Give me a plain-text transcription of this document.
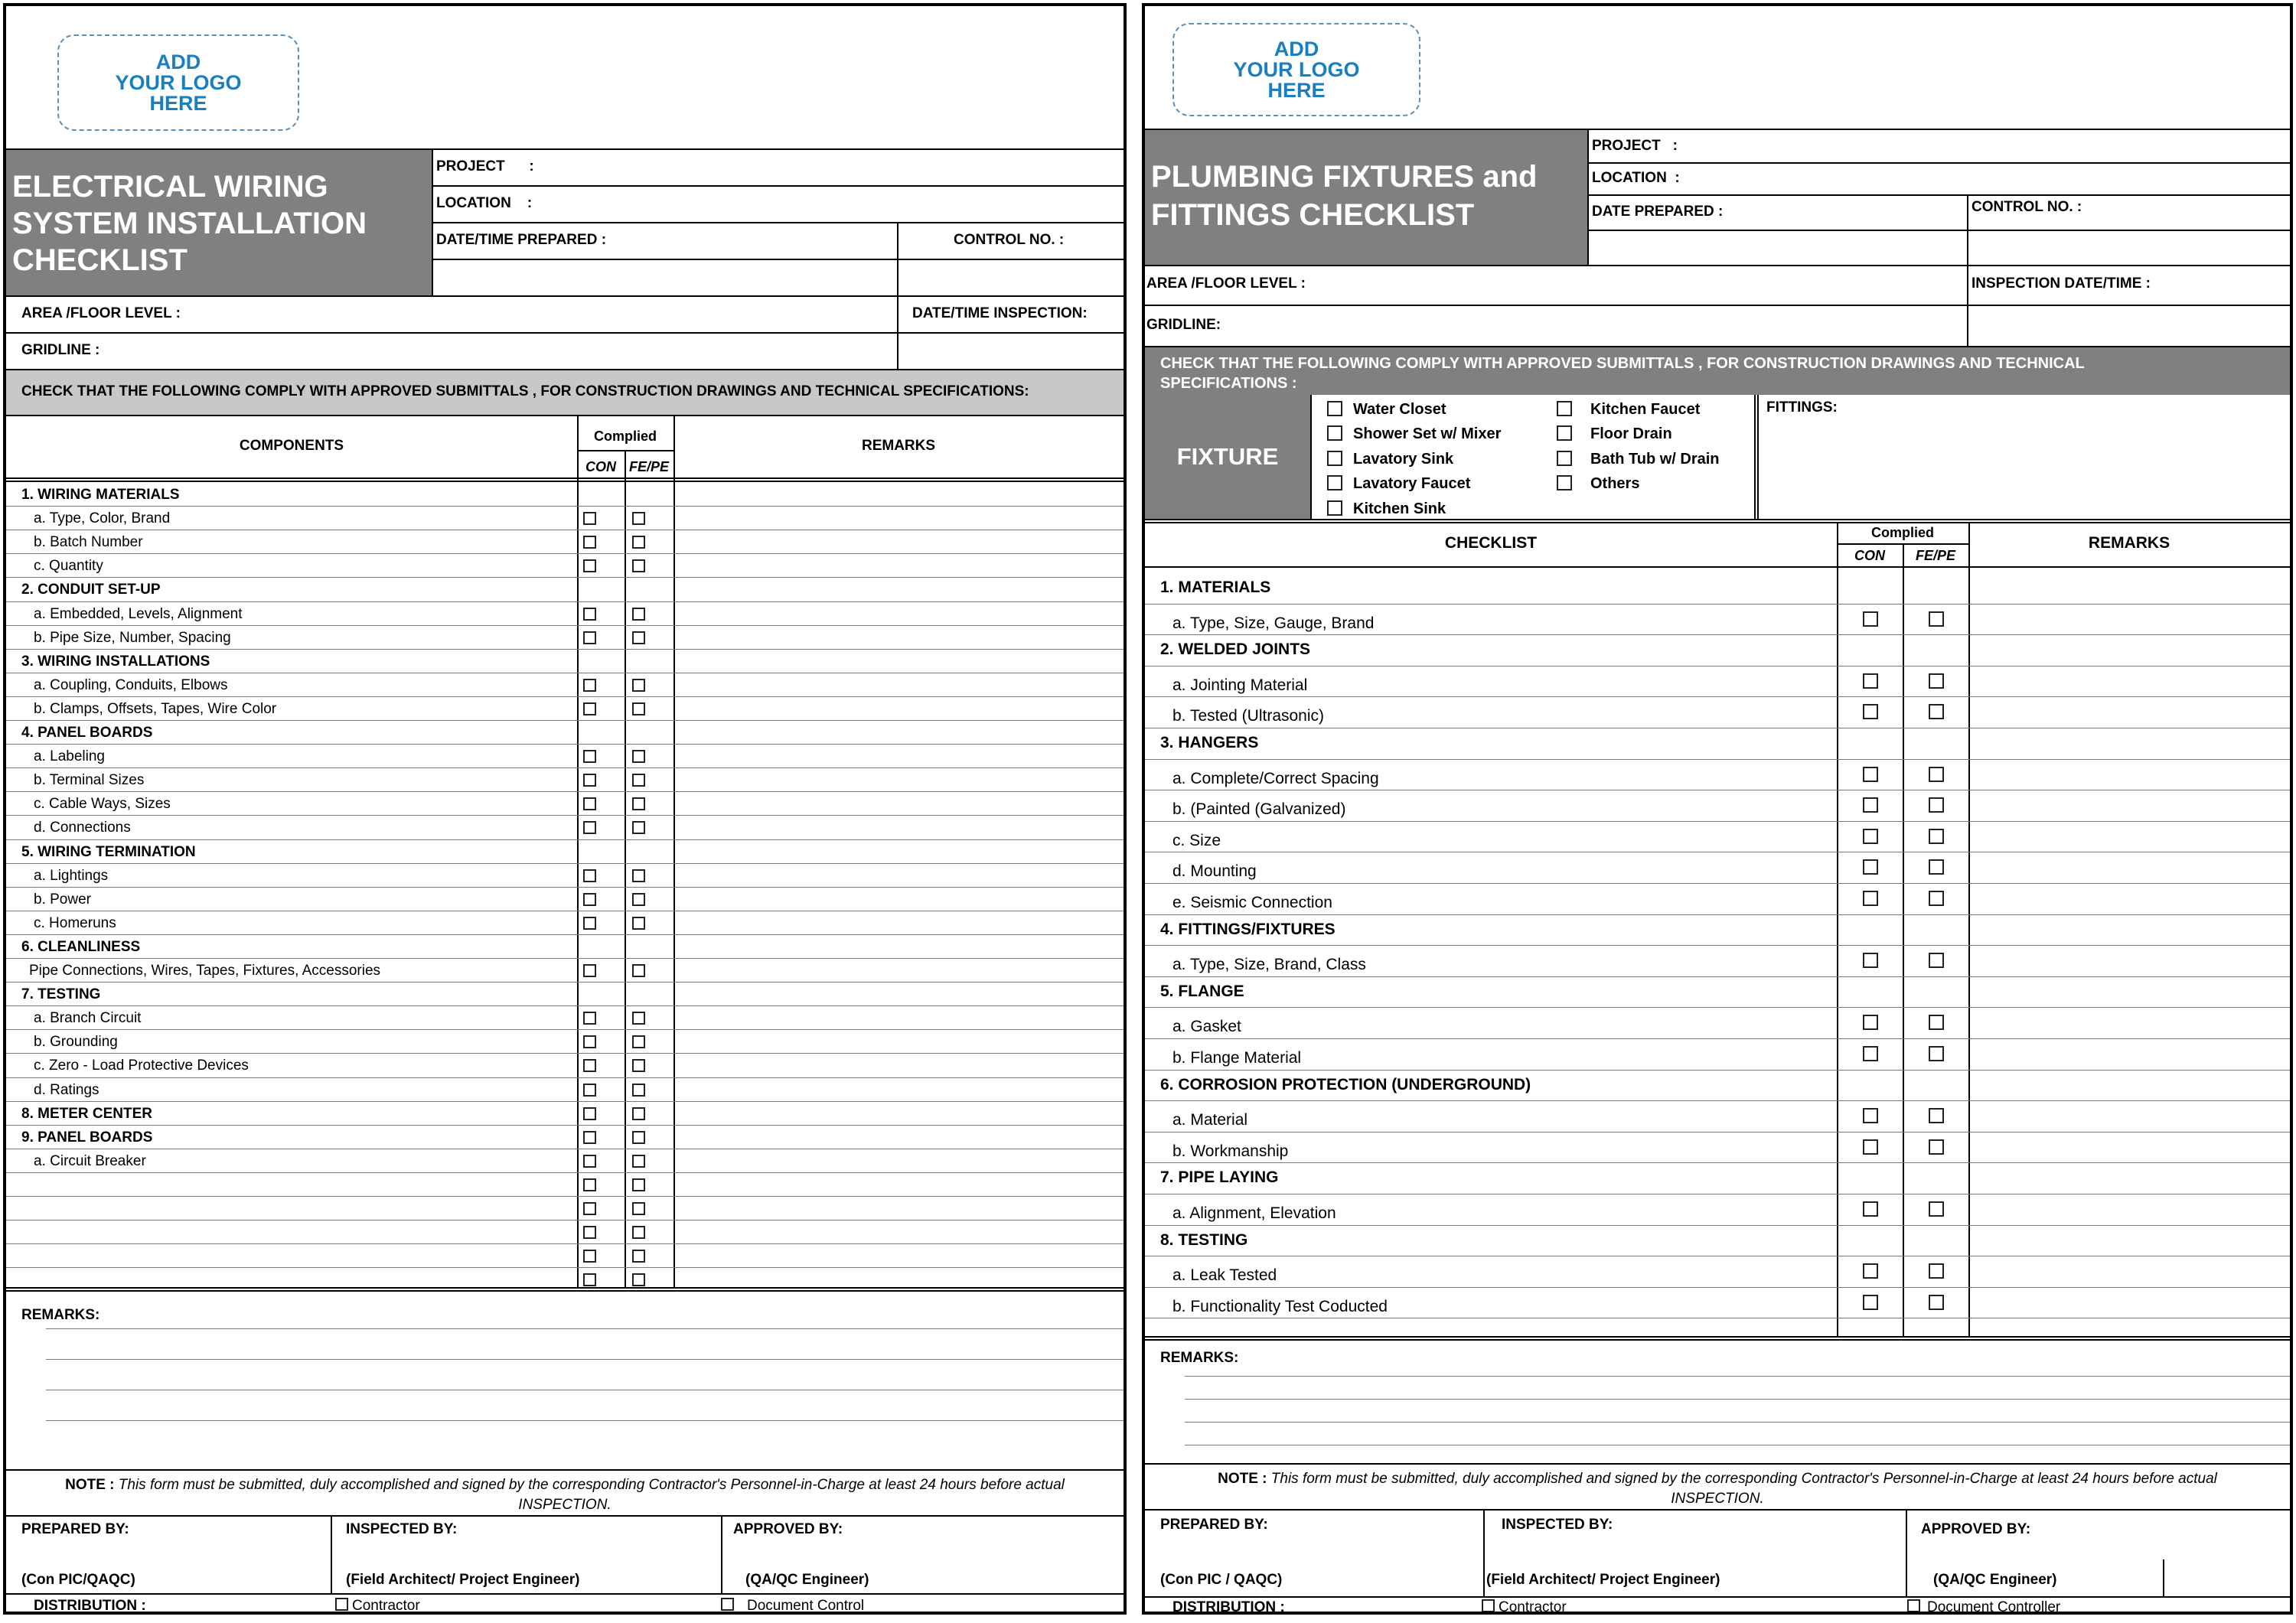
ADD
YOUR LOGO
HERE
ELECTRICAL WIRING
SYSTEM INSTALLATION
CHECKLIST
PROJECT      :
LOCATION    :
DATE/TIME PREPARED :	CONTROL NO. :
AREA /FLOOR LEVEL :	DATE/TIME INSPECTION:
GRIDLINE :
CHECK THAT THE FOLLOWING COMPLY WITH APPROVED SUBMITTALS , FOR CONSTRUCTION DRAWINGS AND TECHNICAL SPECIFICATIONS:
COMPONENTS
Complied
CON FE/PE
REMARKS
1. WIRING MATERIALS
a. Type, Color, Brand
b. Batch Number
c. Quantity
2. CONDUIT SET-UP
a. Embedded, Levels, Alignment
b. Pipe Size, Number, Spacing
3. WIRING INSTALLATIONS
a. Coupling, Conduits, Elbows
b. Clamps, Offsets, Tapes, Wire Color
4. PANEL BOARDS
a. Labeling
b. Terminal Sizes
c. Cable Ways, Sizes
d. Connections
5. WIRING TERMINATION
a. Lightings
b. Power
c. Homeruns
6. CLEANLINESS
Pipe Connections, Wires, Tapes, Fixtures, Accessories
7. TESTING
a. Branch Circuit
b. Grounding
c. Zero - Load Protective Devices
d. Ratings
8. METER CENTER
9. PANEL BOARDS
a. Circuit Breaker
REMARKS:
NOTE : This form must be submitted, duly accomplished and signed by the corresponding Contractor's Personnel-in-Charge at least 24 hours before actual
INSPECTION.
PREPARED BY:	INSPECTED BY:	APPROVED BY:
(Con PIC/QAQC)	(Field Architect/ Project Engineer)	(QA/QC Engineer)
DISTRIBUTION :	Contractor	Document Control
ADD
YOUR LOGO
HERE
PLUMBING FIXTURES and
FITTINGS CHECKLIST
PROJECT   :
LOCATION  :
DATE PREPARED :	CONTROL NO. :
AREA /FLOOR LEVEL :	INSPECTION DATE/TIME :
GRIDLINE:
CHECK THAT THE FOLLOWING COMPLY WITH APPROVED SUBMITTALS , FOR CONSTRUCTION DRAWINGS AND TECHNICAL
SPECIFICATIONS :
FIXTURE
Water Closet
Shower Set w/ Mixer
Lavatory Sink
Lavatory Faucet
Kitchen Sink
Kitchen Faucet
Floor Drain
Bath Tub w/ Drain
Others
FITTINGS:
CHECKLIST
Complied
CON	FE/PE
REMARKS
1. MATERIALS
a. Type, Size, Gauge, Brand
2. WELDED JOINTS
a. Jointing Material
b. Tested (Ultrasonic)
3. HANGERS
a. Complete/Correct Spacing
b. (Painted (Galvanized)
c. Size
d. Mounting
e. Seismic Connection
4. FITTINGS/FIXTURES
a. Type, Size, Brand, Class
5. FLANGE
a. Gasket
b. Flange Material
6. CORROSION PROTECTION (UNDERGROUND)
a. Material
b. Workmanship
7. PIPE LAYING
a. Alignment, Elevation
8. TESTING
a. Leak Tested
b. Functionality Test Coducted
REMARKS:
NOTE : This form must be submitted, duly accomplished and signed by the corresponding Contractor's Personnel-in-Charge at least 24 hours before actual
INSPECTION.
PREPARED BY:	INSPECTED BY:	APPROVED BY:
(Con PIC / QAQC)	(Field Architect/ Project Engineer)	(QA/QC Engineer)
DISTRIBUTION :	Contractor	Document Controller
